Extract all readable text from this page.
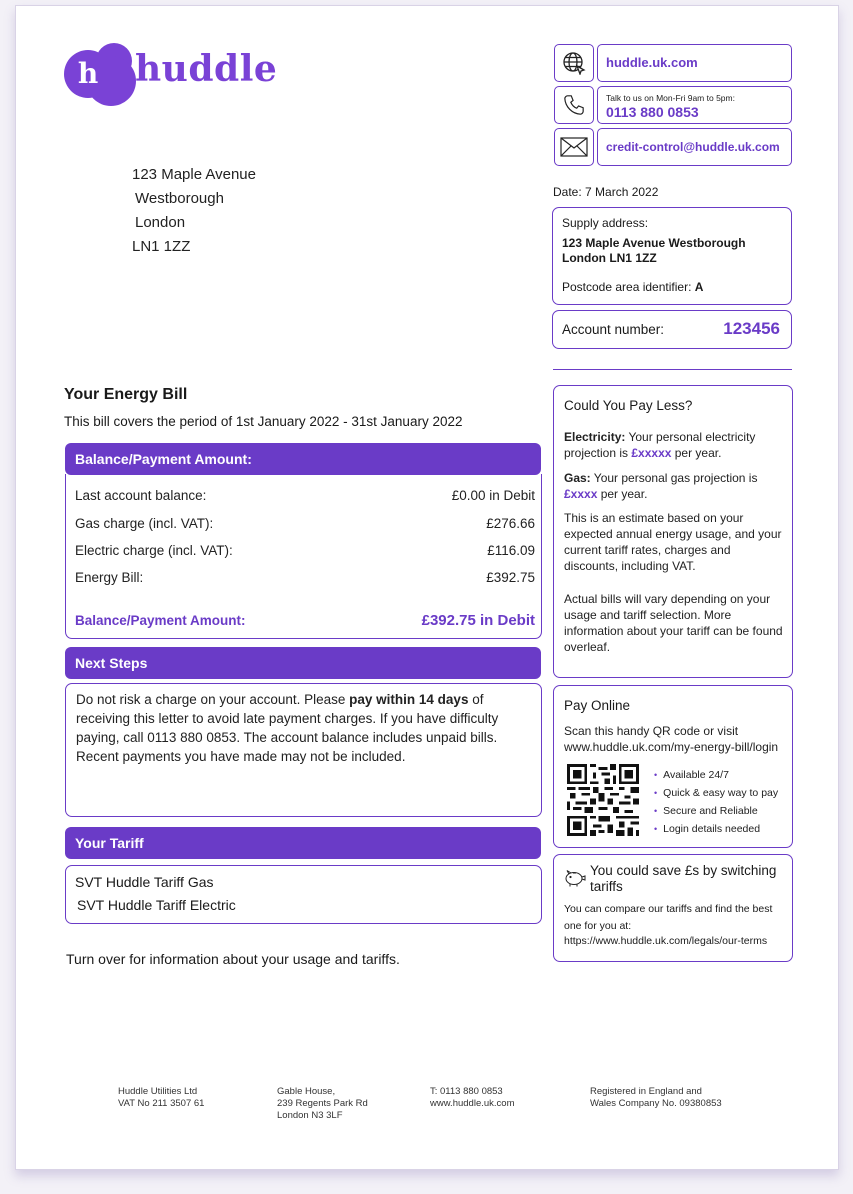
h huddle	huddle.uk.com
Talk to us on Mon-Fri 9am to 5pm:
0113 880 0853
credit-control@huddle.uk.com
123 Maple Avenue
Westborough
London
LN1 1ZZ
Date: 7 March 2022
Supply address:
123 Maple Avenue Westborough
London LN1 1ZZ
Postcode area identifier: A
Account number:	123456
Your Energy Bill
This bill covers the period of 1st January 2022 - 31st January 2022
Balance/Payment Amount:
Last account balance:	£0.00 in Debit
Gas charge (incl. VAT):	£276.66
Electric charge (incl. VAT):	£116.09
Energy Bill:	£392.75
Balance/Payment Amount:	£392.75 in Debit
Next Steps
Do not risk a charge on your account. Please pay within 14 days of receiving this letter to avoid late payment charges. If you have difficulty paying, call 0113 880 0853. The account balance includes unpaid bills. Recent payments you have made may not be included.
Your Tariff
SVT Huddle Tariff Gas
SVT Huddle Tariff Electric
Turn over for information about your usage and tariffs.
Could You Pay Less?
Electricity: Your personal electricity projection is £xxxxx per year.
Gas: Your personal gas projection is £xxxx per year.
This is an estimate based on your expected annual energy usage, and your current tariff rates, charges and discounts, including VAT.
Actual bills will vary depending on your usage and tariff selection. More information about your tariff can be found overleaf.
Pay Online
Scan this handy QR code or visit www.huddle.uk.com/my-energy-bill/login
• Available 24/7
• Quick & easy way to pay
• Secure and Reliable
• Login details needed
You could save £s by switching tariffs
You can compare our tariffs and find the best one for you at:
https://www.huddle.uk.com/legals/our-terms
Huddle Utilities Ltd
VAT No 211 3507 61
Gable House,
239 Regents Park Rd
London N3 3LF
T: 0113 880 0853
www.huddle.uk.com
Registered in England and
Wales Company No. 09380853
